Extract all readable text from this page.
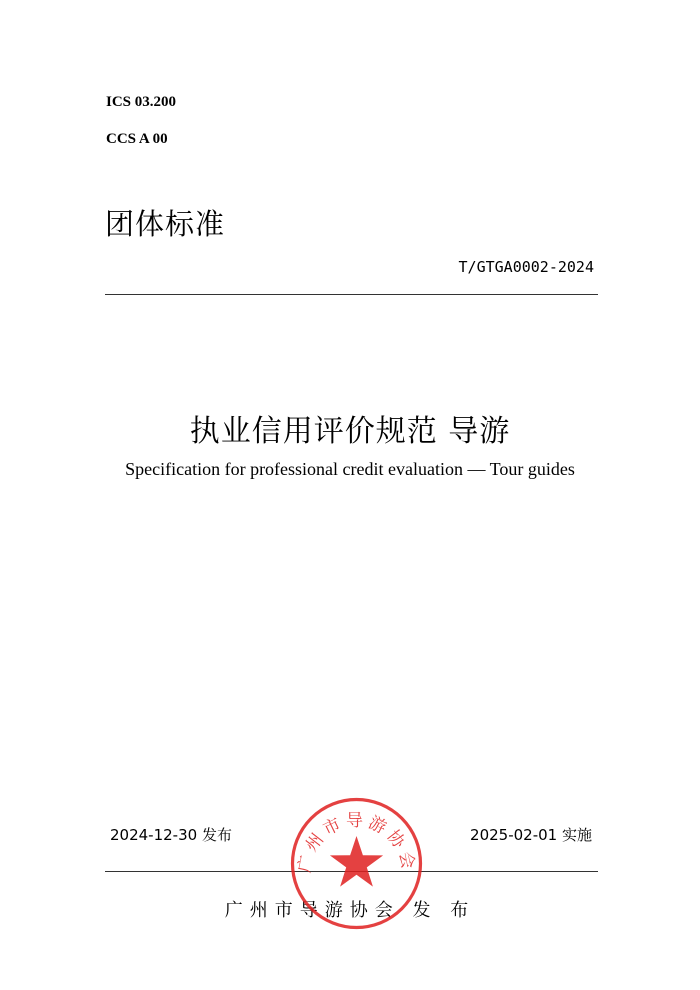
ICS 03.200
CCS A 00
团体标准
T/GTGA0002-2024
执业信用评价规范 导游
Specification for professional credit evaluation — Tour guides
2024-12-30 发布	2025-02-01 实施
广州市导游协会 发 布
广州市导游协会
